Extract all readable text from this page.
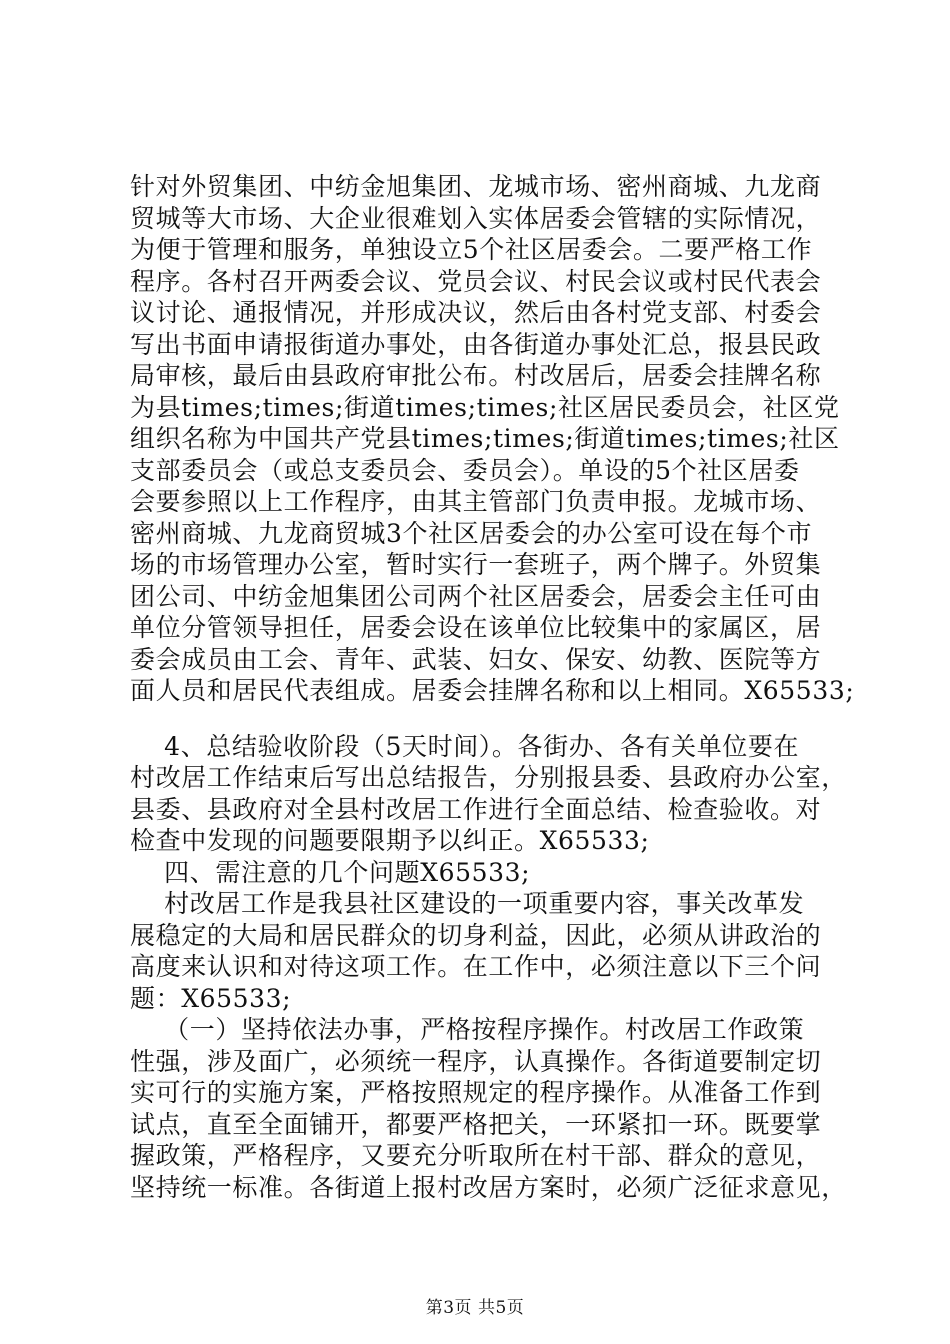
针对外贸集团、中纺金旭集团、龙城市场、密州商城、九龙商
贸城等大市场、大企业很难划入实体居委会管辖的实际情况，
为便于管理和服务，单独设立5个社区居委会。二要严格工作
程序。各村召开两委会议、党员会议、村民会议或村民代表会
议讨论、通报情况，并形成决议，然后由各村党支部、村委会
写出书面申请报街道办事处，由各街道办事处汇总，报县民政
局审核，最后由县政府审批公布。村改居后，居委会挂牌名称
为县times;times;街道times;times;社区居民委员会，社区党
组织名称为中国共产党县times;times;街道times;times;社区
支部委员会（或总支委员会、委员会）。单设的5个社区居委
会要参照以上工作程序，由其主管部门负责申报。龙城市场、
密州商城、九龙商贸城3个社区居委会的办公室可设在每个市
场的市场管理办公室，暂时实行一套班子，两个牌子。外贸集
团公司、中纺金旭集团公司两个社区居委会，居委会主任可由
单位分管领导担任，居委会设在该单位比较集中的家属区，居
委会成员由工会、青年、武装、妇女、保安、幼教、医院等方
面人员和居民代表组成。居委会挂牌名称和以上相同。X65533;
4、总结验收阶段（5天时间）。各街办、各有关单位要在
村改居工作结束后写出总结报告，分别报县委、县政府办公室，
县委、县政府对全县村改居工作进行全面总结、检查验收。对
检查中发现的问题要限期予以纠正。X65533;
四、需注意的几个问题X65533;
村改居工作是我县社区建设的一项重要内容，事关改革发
展稳定的大局和居民群众的切身利益，因此，必须从讲政治的
高度来认识和对待这项工作。在工作中，必须注意以下三个问
题：X65533;
（一）坚持依法办事，严格按程序操作。村改居工作政策
性强，涉及面广，必须统一程序，认真操作。各街道要制定切
实可行的实施方案，严格按照规定的程序操作。从准备工作到
试点，直至全面铺开，都要严格把关，一环紧扣一环。既要掌
握政策，严格程序，又要充分听取所在村干部、群众的意见，
坚持统一标准。各街道上报村改居方案时，必须广泛征求意见，
第3页 共5页
